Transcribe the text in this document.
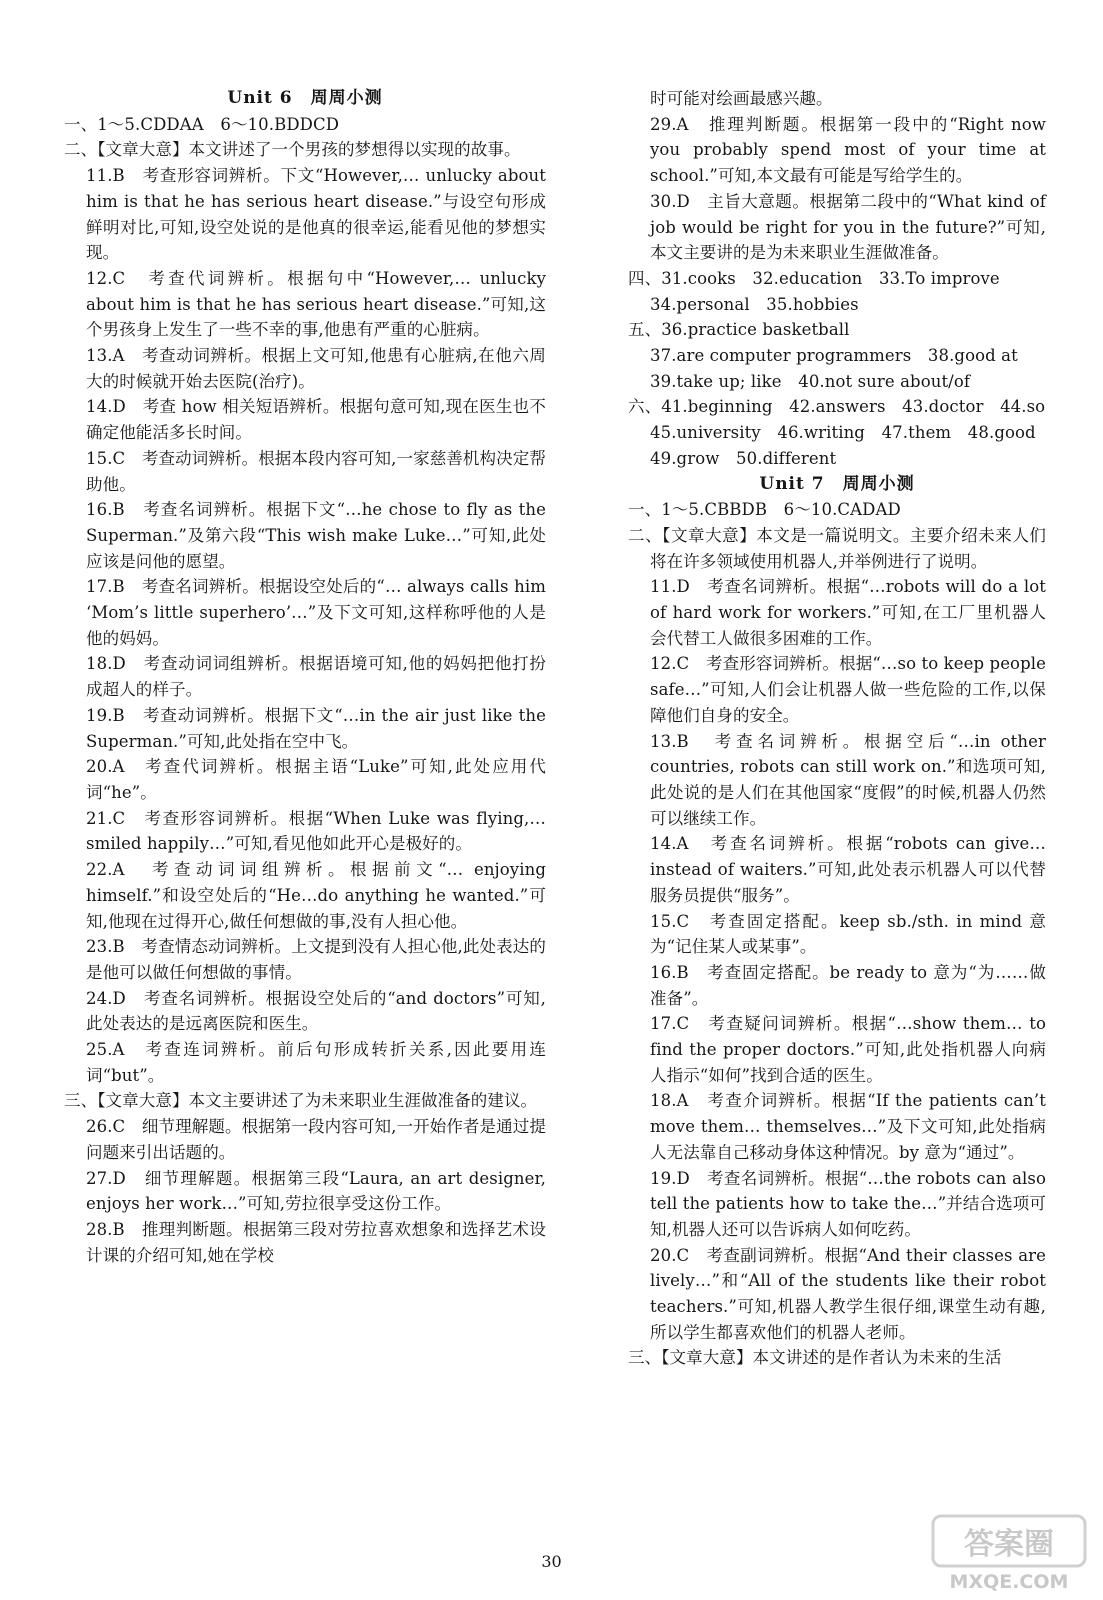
Unit 6　周周小测
一、1～5.CDDAA　6～10.BDDCD
二、【文章大意】本文讲述了一个男孩的梦想得以实现的故事。
11.B　考查形容词辨析。下文“However,… unlucky about him is that he has serious heart disease.”与设空句形成鲜明对比,可知,设空处说的是他真的很幸运,能看见他的梦想实现。
12.C　考查代词辨析。根据句中“However,… unlucky about him is that he has serious heart disease.”可知,这个男孩身上发生了一些不幸的事,他患有严重的心脏病。
13.A　考查动词辨析。根据上文可知,他患有心脏病,在他六周大的时候就开始去医院(治疗)。
14.D　考查 how 相关短语辨析。根据句意可知,现在医生也不确定他能活多长时间。
15.C　考查动词辨析。根据本段内容可知,一家慈善机构决定帮助他。
16.B　考查名词辨析。根据下文“…he chose to fly as the Superman.”及第六段“This wish make Luke…”可知,此处应该是问他的愿望。
17.B　考查名词辨析。根据设空处后的“… always calls him ‘Mom’s little superhero’…”及下文可知,这样称呼他的人是他的妈妈。
18.D　考查动词词组辨析。根据语境可知,他的妈妈把他打扮成超人的样子。
19.B　考查动词辨析。根据下文“…in the air just like the Superman.”可知,此处指在空中飞。
20.A　考查代词辨析。根据主语“Luke”可知,此处应用代词“he”。
21.C　考查形容词辨析。根据“When Luke was flying,…smiled happily…”可知,看见他如此开心是极好的。
22.A　考查动词词组辨析。根据前文“… enjoying himself.”和设空处后的“He…do anything he wanted.”可知,他现在过得开心,做任何想做的事,没有人担心他。
23.B　考查情态动词辨析。上文提到没有人担心他,此处表达的是他可以做任何想做的事情。
24.D　考查名词辨析。根据设空处后的“and doctors”可知,此处表达的是远离医院和医生。
25.A　考查连词辨析。前后句形成转折关系,因此要用连词“but”。
三、【文章大意】本文主要讲述了为未来职业生涯做准备的建议。
26.C　细节理解题。根据第一段内容可知,一开始作者是通过提问题来引出话题的。
27.D　细节理解题。根据第三段“Laura, an art designer, enjoys her work…”可知,劳拉很享受这份工作。
28.B　推理判断题。根据第三段对劳拉喜欢想象和选择艺术设计课的介绍可知,她在学校
时可能对绘画最感兴趣。
29.A　推理判断题。根据第一段中的“Right now you probably spend most of your time at school.”可知,本文最有可能是写给学生的。
30.D　主旨大意题。根据第二段中的“What kind of job would be right for you in the future?”可知,本文主要讲的是为未来职业生涯做准备。
四、31.cooks　32.education　33.To improve
34.personal　35.hobbies
五、36.practice basketball
37.are computer programmers　38.good at
39.take up; like　40.not sure about/of
六、41.beginning　42.answers　43.doctor　44.so
45.university　46.writing　47.them　48.good
49.grow　50.different
Unit 7　周周小测
一、1～5.CBBDB　6～10.CADAD
二、【文章大意】本文是一篇说明文。主要介绍未来人们将在许多领域使用机器人,并举例进行了说明。
11.D　考查名词辨析。根据“…robots will do a lot of hard work for workers.”可知,在工厂里机器人会代替工人做很多困难的工作。
12.C　考查形容词辨析。根据“…so to keep people safe…”可知,人们会让机器人做一些危险的工作,以保障他们自身的安全。
13.B　考查名词辨析。根据空后“…in other countries, robots can still work on.”和选项可知,此处说的是人们在其他国家“度假”的时候,机器人仍然可以继续工作。
14.A　考查名词辨析。根据“robots can give… instead of waiters.”可知,此处表示机器人可以代替服务员提供“服务”。
15.C　考查固定搭配。keep sb./sth. in mind 意为“记住某人或某事”。
16.B　考查固定搭配。be ready to 意为“为……做准备”。
17.C　考查疑问词辨析。根据“…show them… to find the proper doctors.”可知,此处指机器人向病人指示“如何”找到合适的医生。
18.A　考查介词辨析。根据“If the patients can’t move them… themselves…”及下文可知,此处指病人无法靠自己移动身体这种情况。by 意为“通过”。
19.D　考查名词辨析。根据“…the robots can also tell the patients how to take the…”并结合选项可知,机器人还可以告诉病人如何吃药。
20.C　考查副词辨析。根据“And their classes are lively…”和“All of the students like their robot teachers.”可知,机器人教学生很仔细,课堂生动有趣,所以学生都喜欢他们的机器人老师。
三、【文章大意】本文讲述的是作者认为未来的生活
30	答案圈
MXQE.COM
